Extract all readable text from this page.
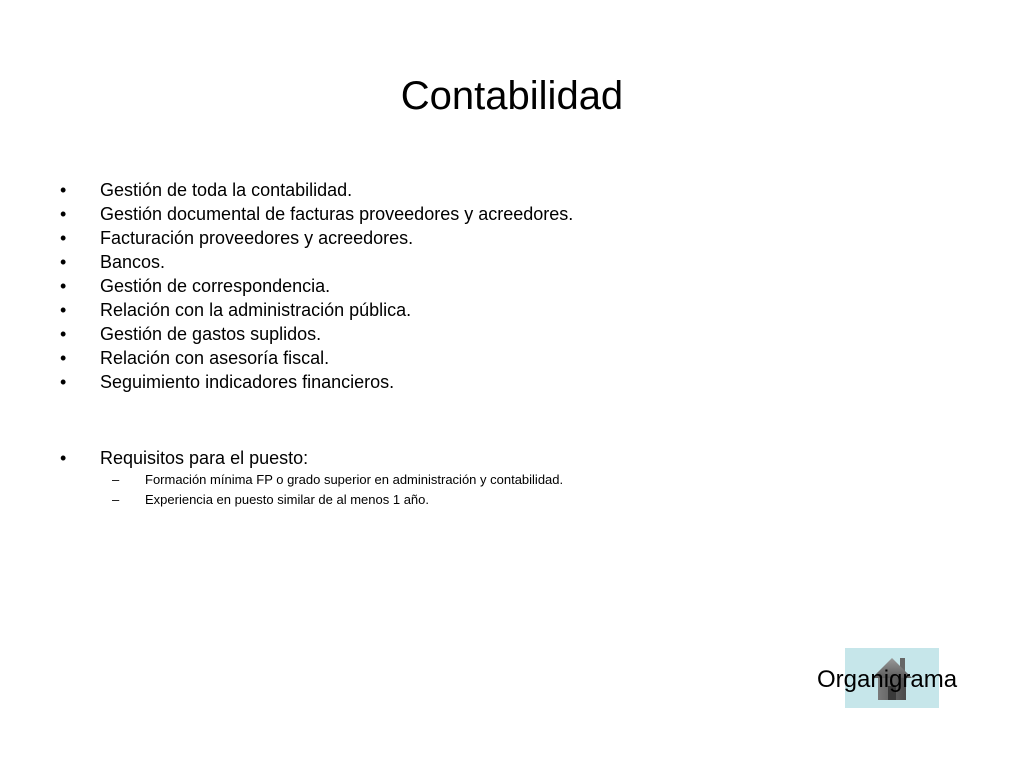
Contabilidad
•	Gestión de toda la contabilidad.
•	Gestión documental de facturas proveedores y acreedores.
•	Facturación proveedores y acreedores.
•	Bancos.
•	Gestión de correspondencia.
•	Relación con la administración pública.
•	Gestión de gastos suplidos.
•	Relación con asesoría fiscal.
•	Seguimiento indicadores financieros.
•	Requisitos para el puesto:
– Formación mínima FP o grado superior en administración y contabilidad.
– Experiencia en puesto similar de al menos 1 año.
Organigrama
